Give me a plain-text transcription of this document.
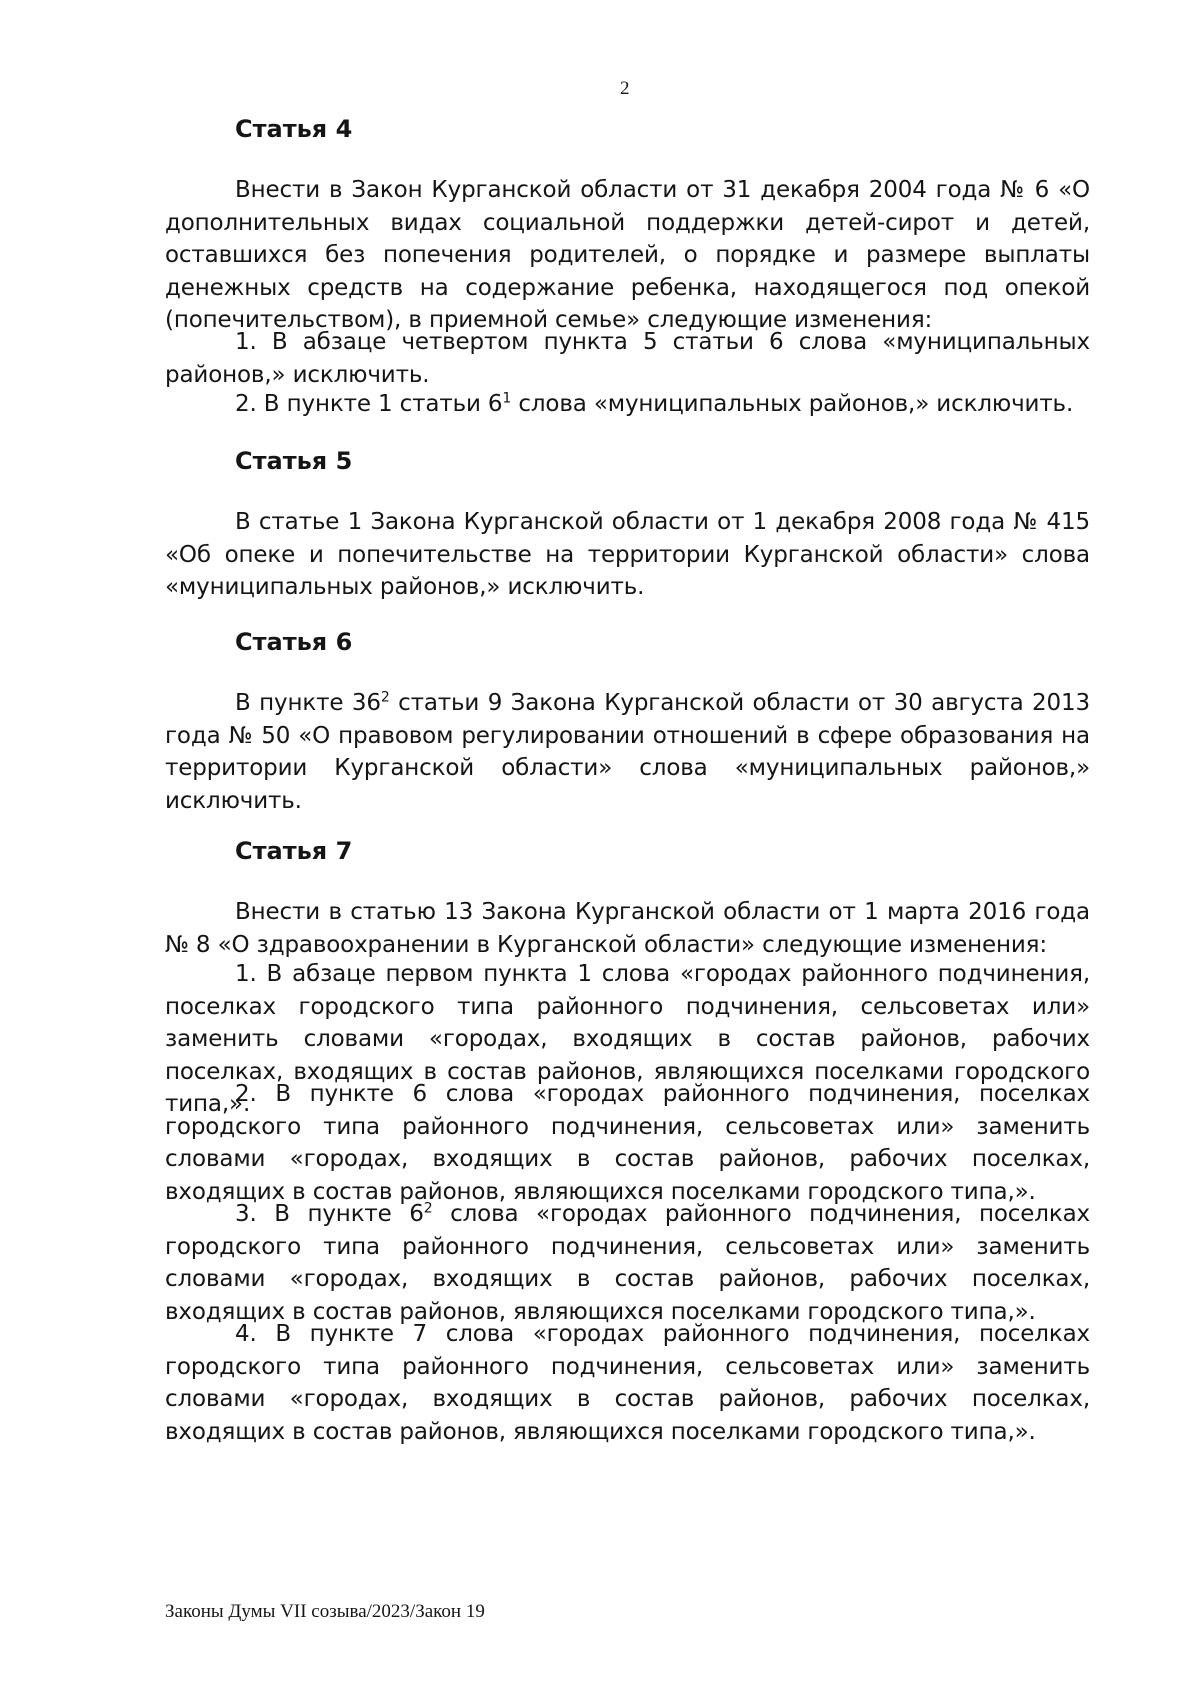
2
Статья 4
Внести в Закон Курганской области от 31 декабря 2004 года № 6 «О дополнительных видах социальной поддержки детей-сирот и детей, оставшихся без попечения родителей, о порядке и размере выплаты денежных средств на содержание ребенка, находящегося под опекой (попечительством), в приемной семье» следующие изменения:
1. В абзаце четвертом пункта 5 статьи 6 слова «муниципальных районов,» исключить.
2. В пункте 1 статьи $6^1$ слова «муниципальных районов,» исключить.
Статья 5
В статье 1 Закона Курганской области от 1 декабря 2008 года № 415 «Об опеке и попечительстве на территории Курганской области» слова «муниципальных районов,» исключить.
Статья 6
В пункте $36^2$ статьи 9 Закона Курганской области от 30 августа 2013 года № 50 «О правовом регулировании отношений в сфере образования на территории Курганской области» слова «муниципальных районов,» исключить.
Статья 7
Внести в статью 13 Закона Курганской области от 1 марта 2016 года № 8 «О здравоохранении в Курганской области» следующие изменения:
1. В абзаце первом пункта 1 слова «городах районного подчинения, поселках городского типа районного подчинения, сельсоветах или» заменить словами «городах, входящих в состав районов, рабочих поселках, входящих в состав районов, являющихся поселками городского типа,».
2. В пункте 6 слова «городах районного подчинения, поселках городского типа районного подчинения, сельсоветах или» заменить словами «городах, входящих в состав районов, рабочих поселках, входящих в состав районов, являющихся поселками городского типа,».
3. В пункте $6^2$ слова «городах районного подчинения, поселках городского типа районного подчинения, сельсоветах или» заменить словами «городах, входящих в состав районов, рабочих поселках, входящих в состав районов, являющихся поселками городского типа,».
4. В пункте 7 слова «городах районного подчинения, поселках городского типа районного подчинения, сельсоветах или» заменить словами «городах, входящих в состав районов, рабочих поселках, входящих в состав районов, являющихся поселками городского типа,».
Законы Думы VII созыва/2023/Закон 19
